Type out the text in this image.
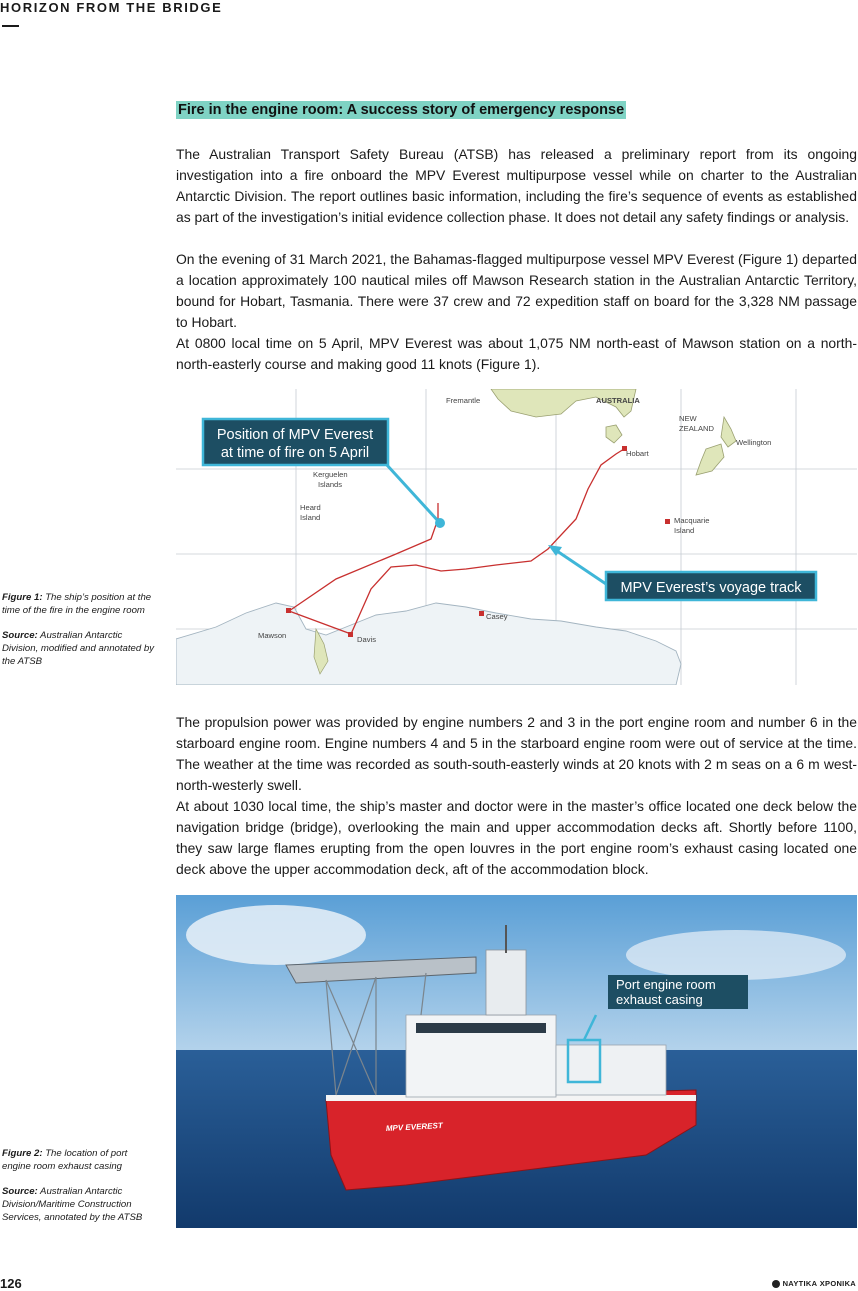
HORIZON FROM THE BRIDGE
Fire in the engine room: A success story of emergency response

The Australian Transport Safety Bureau (ATSB) has released a preliminary report from its ongoing investigation into a fire onboard the MPV Everest multipurpose vessel while on charter to the Australian Antarctic Division. The report outlines basic information, including the fire’s sequence of events as established as part of the investigation’s initial evidence collection phase. It does not detail any safety findings or analysis.

On the evening of 31 March 2021, the Bahamas-flagged multipurpose vessel MPV Everest (Figure 1) departed a location approximately 100 nautical miles off Mawson Research station in the Australian Antarctic Territory, bound for Hobart, Tasmania. There were 37 crew and 72 expedition staff on board for the 3,328 NM passage to Hobart.

At 0800 local time on 5 April, MPV Everest was about 1,075 NM north-east of Mawson station on a north-north-easterly course and making good 11 knots (Figure 1).

Fremantle	AUSTRALIA
NEW
ZEALAND
Wellington
Hobart
Kerguelen
Islands
Heard
Island	Macquarie
Island
Mawson	Davis
Casey
Position of MPV Everest
at time of fire on 5 April
MPV Everest’s voyage track

Figure 1: The ship’s position at the time of the fire in the engine room

Source: Australian Antarctic Division, modified and annotated by the ATSB

The propulsion power was provided by engine numbers 2 and 3 in the port engine room and number 6 in the starboard engine room. Engine numbers 4 and 5 in the starboard engine room were out of service at the time. The weather at the time was recorded as south-south-easterly winds at 20 knots with 2 m seas on a 6 m west-north-westerly swell.

At about 1030 local time, the ship’s master and doctor were in the master’s office located one deck below the navigation bridge (bridge), overlooking the main and upper accommodation decks aft. Shortly before 1100, they saw large flames erupting from the open louvres in the port engine room’s exhaust casing located one deck above the upper accommodation deck, aft of the accommodation block.

Port engine room
exhaust casing
MPV EVEREST

Figure 2: The location of port engine room exhaust casing

Source: Australian Antarctic Division/Maritime Construction Services, annotated by the ATSB

126	ΝΑΥΤΙΚΑ ΧΡΟΝΙΚΑ
